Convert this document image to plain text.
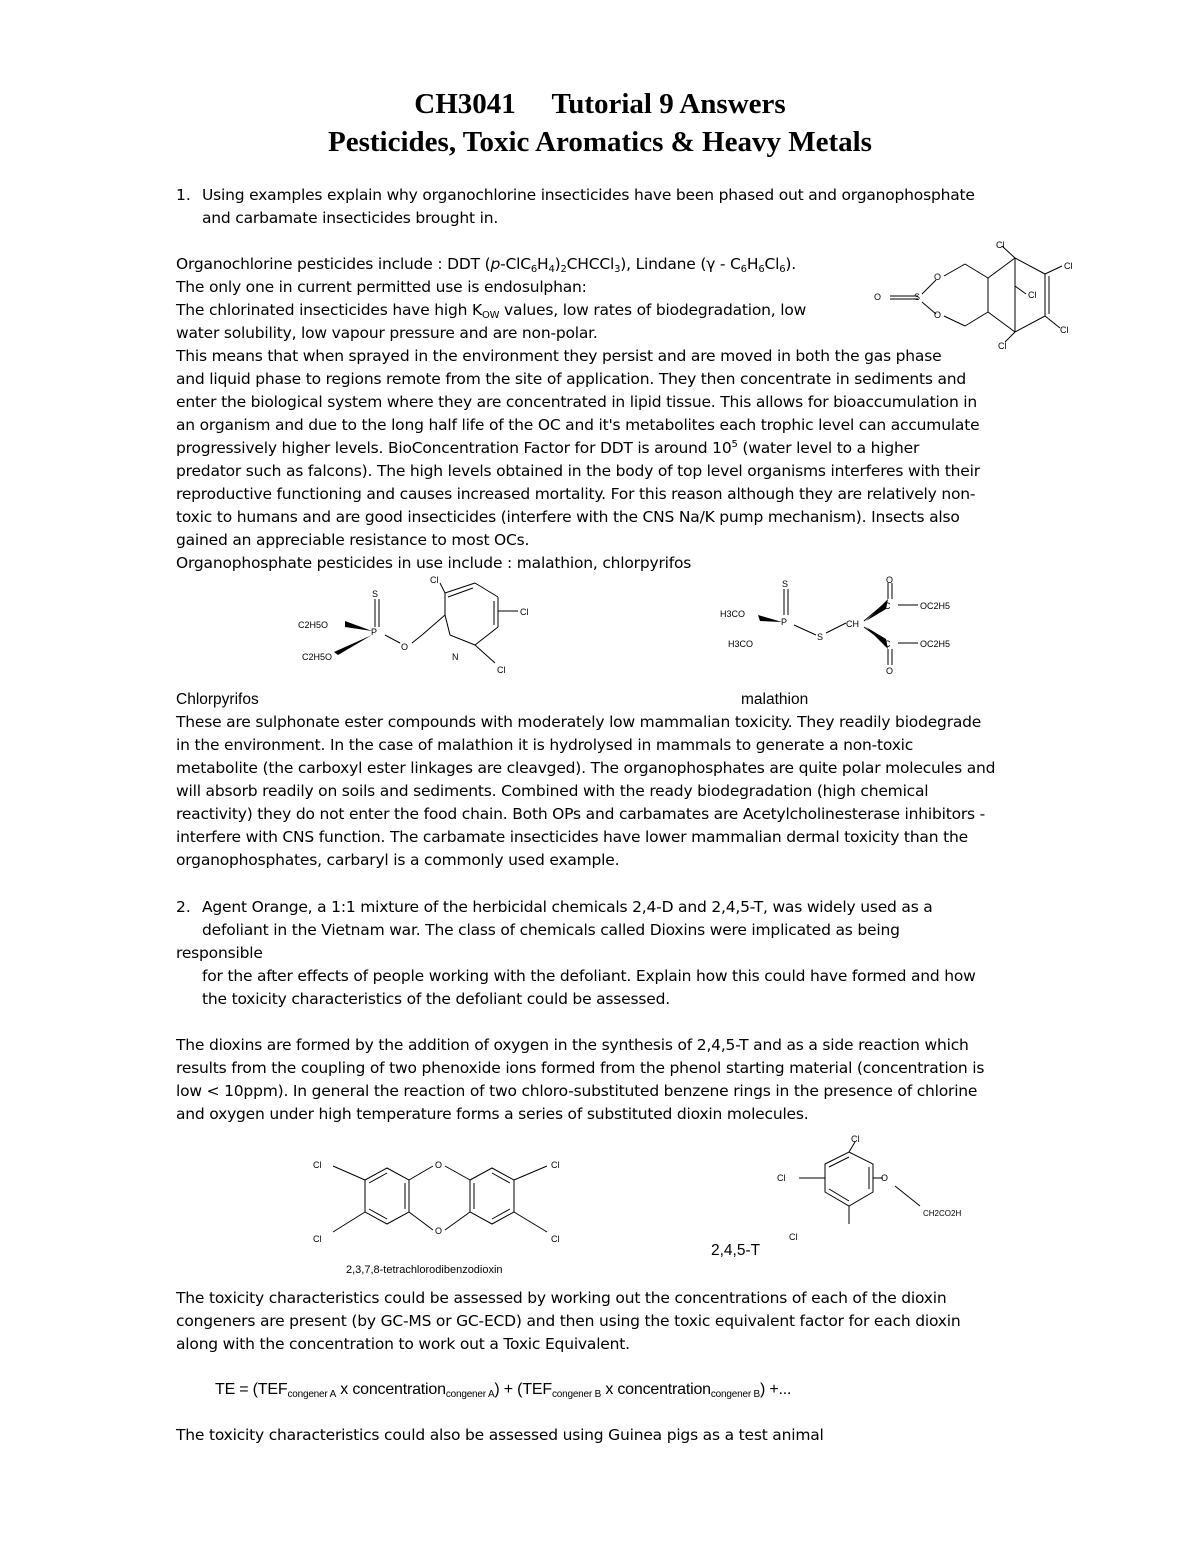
CH3041     Tutorial 9 Answers
Pesticides, Toxic Aromatics & Heavy Metals
1. Using examples explain why organochlorine insecticides have been phased out and organophosphate
and carbamate insecticides brought in.
Organochlorine pesticides include : DDT $(p-ClC_6H_4)_2CHCCl_3$), Lindane $(\gamma - C_6H_6Cl_6)$.
The only one in current permitted use is endosulphan:
The chlorinated insecticides have high $K_{OW}$ values, low rates of biodegradation, low
water solubility, low vapour pressure and are non-polar.
This means that when sprayed in the environment they persist and are moved in both the gas phase
and liquid phase to regions remote from the site of application. They then concentrate in sediments and
enter the biological system where they are concentrated in lipid tissue. This allows for bioaccumulation in
an organism and due to the long half life of the OC and it's metabolites each trophic level can accumulate
progressively higher levels. BioConcentration Factor for DDT is around $10^5$ (water level to a higher
predator such as falcons). The high levels obtained in the body of top level organisms interferes with their
reproductive functioning and causes increased mortality. For this reason although they are relatively non-
toxic to humans and are good insecticides (interfere with the CNS Na/K pump mechanism). Insects also
gained an appreciable resistance to most OCs.
Organophosphate pesticides in use include : malathion, chlorpyrifos
O	S
O
O
Cl
Cl
Cl
Cl
Cl
S
P
O
Cl
Cl
Cl
N
C2H5O
C2H5O
S
P
S
CH
C
C
O
O
H3CO
H3CO
OC2H5
OC2H5
Chlorpyrifos	malathion
These are sulphonate ester compounds with moderately low mammalian toxicity. They readily biodegrade
in the environment. In the case of malathion it is hydrolysed in mammals to generate a non-toxic
metabolite (the carboxyl ester linkages are cleavged). The organophosphates are quite polar molecules and
will absorb readily on soils and sediments. Combined with the ready biodegradation (high chemical
reactivity) they do not enter the food chain. Both OPs and carbamates are Acetylcholinesterase inhibitors -
interfere with CNS function. The carbamate insecticides have lower mammalian dermal toxicity than the
organophosphates, carbaryl is a commonly used example.
2. Agent Orange, a 1:1 mixture of the herbicidal chemicals 2,4-D and 2,4,5-T, was widely used as a
defoliant in the Vietnam war. The class of chemicals called Dioxins were implicated as being
responsible
for the after effects of people working with the defoliant. Explain how this could have formed and how
the toxicity characteristics of the defoliant could be assessed.
The dioxins are formed by the addition of oxygen in the synthesis of 2,4,5-T and as a side reaction which
results from the coupling of two phenoxide ions formed from the phenol starting material (concentration is
low < 10ppm). In general the reaction of two chloro-substituted benzene rings in the presence of chlorine
and oxygen under high temperature forms a series of substituted dioxin molecules.
O
O
Cl
Cl
Cl
Cl
2,3,7,8-tetrachlorodibenzodioxin
Cl
Cl
Cl
O
CH2CO2H
2,4,5-T
The toxicity characteristics could be assessed by working out the concentrations of each of the dioxin
congeners are present (by GC-MS or GC-ECD) and then using the toxic equivalent factor for each dioxin
along with the concentration to work out a Toxic Equivalent.
TE = ($TEF_{congener A}$ x concentration$_{congener A}$) + ($TEF_{congener B}$ x concentration$_{congener B}$) +...
The toxicity characteristics could also be assessed using Guinea pigs as a test animal
